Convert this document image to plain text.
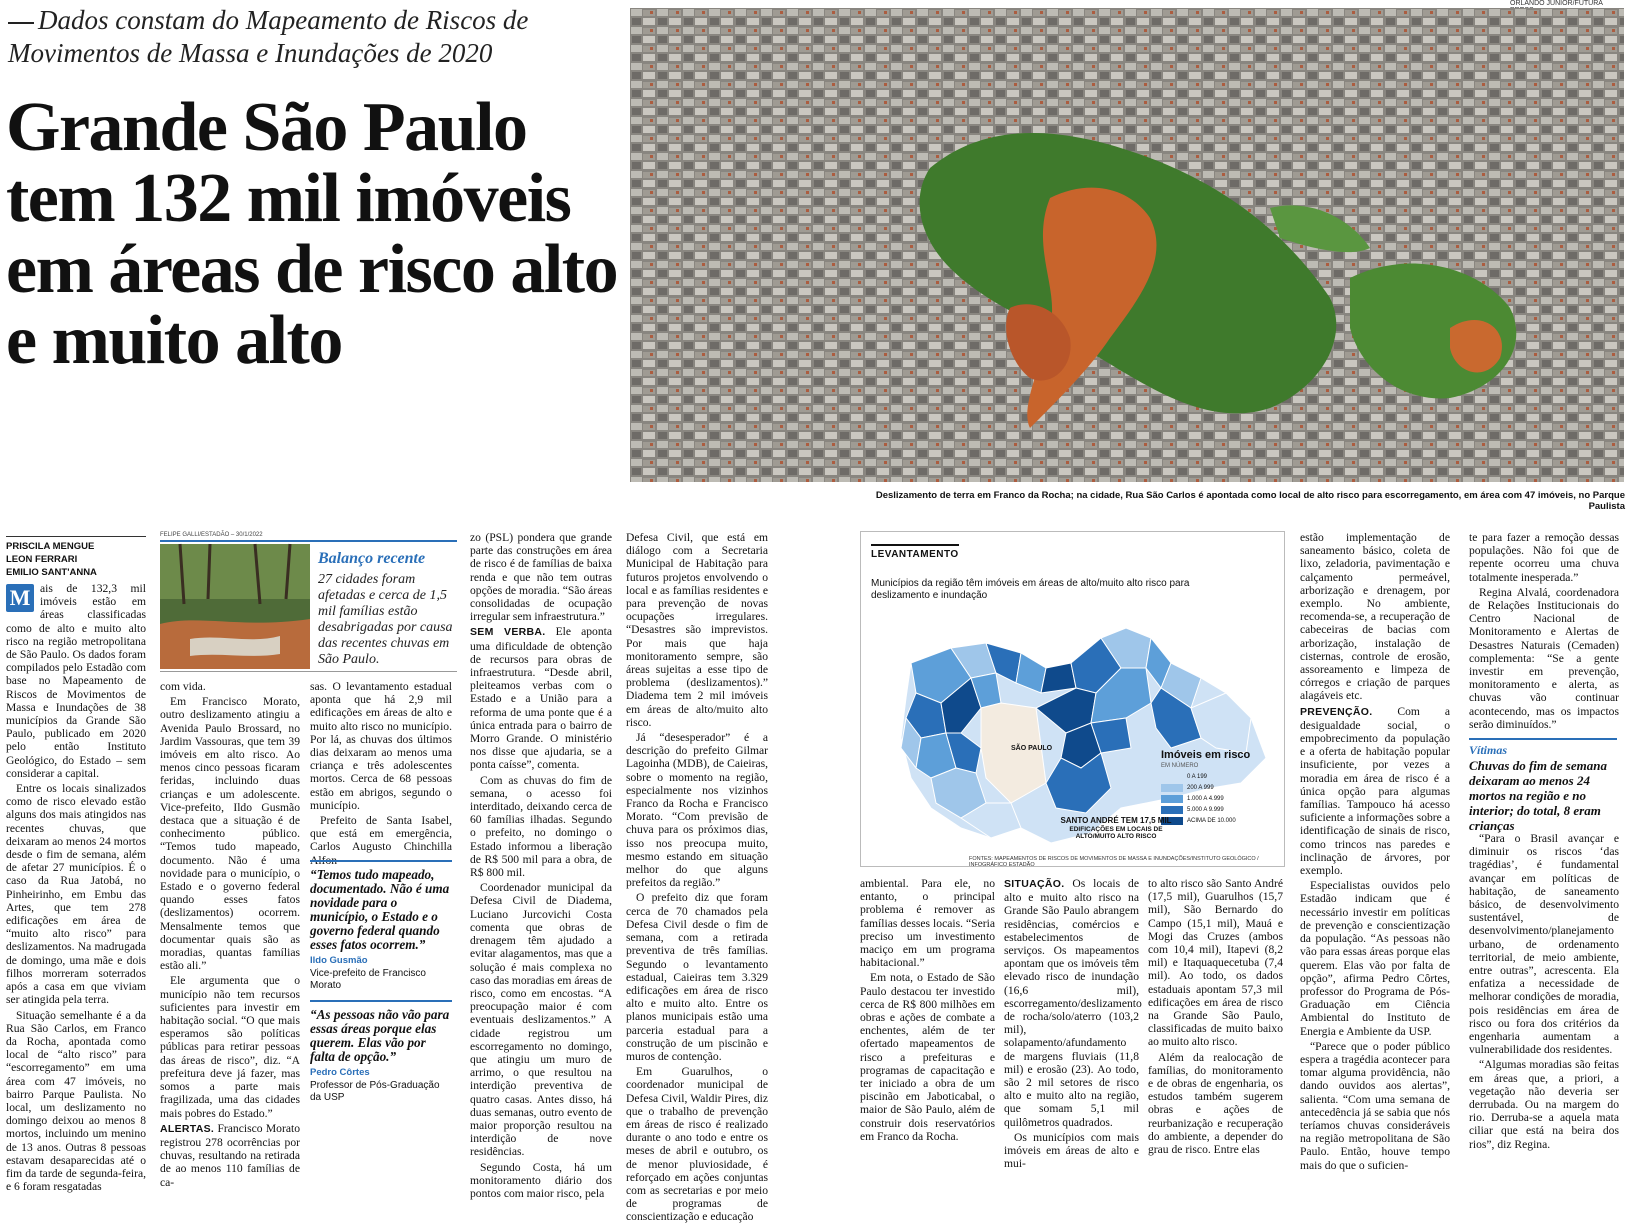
Dados constam do Mapeamento de Riscos de Movimentos de Massa e Inundações de 2020
Grande São Paulo tem 132 mil imóveis em áreas de risco alto e muito alto
ORLANDO JUNIOR/FUTURA
Deslizamento de terra em Franco da Rocha; na cidade, Rua São Carlos é apontada como local de alto risco para escorregamento, em área com 47 imóveis, no Parque Paulista
PRISCILA MENGUE
LEON FERRARI
EMILIO SANT'ANNA

M ais de 132,3 mil imóveis estão em áreas classificadas como de alto e muito alto risco na região metropolitana de São Paulo. Os dados foram compilados pelo Estadão com base no Mapeamento de Riscos de Movimentos de Massa e Inundações de 38 municípios da Grande São Paulo, publicado em 2020 pelo então Instituto Geológico, do Estado – sem considerar a capital.

Entre os locais sinalizados como de risco elevado estão alguns dos mais atingidos nas recentes chuvas, que deixaram ao menos 24 mortos desde o fim de semana, além de afetar 27 municípios. É o caso da Rua Jatobá, no Pinheirinho, em Embu das Artes, que tem 278 edificações em área de “muito alto risco” para deslizamentos. Na madrugada de domingo, uma mãe e dois filhos morreram soterrados após a casa em que viviam ser atingida pela terra.

Situação semelhante é a da Rua São Carlos, em Franco da Rocha, apontada como local de “alto risco” para “escorregamento” em uma área com 47 imóveis, no bairro Parque Paulista. No local, um deslizamento no domingo deixou ao menos 8 mortos, incluindo um menino de 13 anos. Outras 8 pessoas estavam desaparecidas até o fim da tarde de segunda-feira, e 6 foram resgatadas

FELIPE GALLI/ESTADÃO – 30/1/2022
Balanço recente
27 cidades foram afetadas e cerca de 1,5 mil famílias estão desabrigadas por causa das recentes chuvas em São Paulo.

com vida.

Em Francisco Morato, outro deslizamento atingiu a Avenida Paulo Brossard, no Jardim Vassouras, que tem 39 imóveis em alto risco. Ao menos cinco pessoas ficaram feridas, incluindo duas crianças e um adolescente. Vice-prefeito, Ildo Gusmão destaca que a situação é de conhecimento público. “Temos tudo mapeado, documento. Não é uma novidade para o município, o Estado e o governo federal quando esses fatos (deslizamentos) ocorrem. Mensalmente temos que documentar quais são as moradias, quantas famílias estão ali.”

Ele argumenta que o município não tem recursos suficientes para investir em habitação social. “O que mais esperamos são políticas públicas para retirar pessoas das áreas de risco”, diz. “A prefeitura deve já fazer, mas somos a parte mais fragilizada, uma das cidades mais pobres do Estado.”

ALERTAS. Francisco Morato registrou 278 ocorrências por chuvas, resultando na retirada de ao menos 110 famílias de ca-

sas. O levantamento estadual aponta que há 2,9 mil edificações em áreas de alto e muito alto risco no município. Por lá, as chuvas dos últimos dias deixaram ao menos uma criança e três adolescentes mortos. Cerca de 68 pessoas estão em abrigos, segundo o município.

Prefeito de Santa Isabel, que está em emergência, Carlos Augusto Chinchilla Alfon-

“Temos tudo mapeado, documentado. Não é uma novidade para o município, o Estado e o governo federal quando esses fatos ocorrem.”
Ildo Gusmão
Vice-prefeito de Francisco Morato
“As pessoas não vão para essas áreas porque elas querem. Elas vão por falta de opção.”
Pedro Côrtes
Professor de Pós-Graduação da USP

zo (PSL) pondera que grande parte das construções em área de risco é de famílias de baixa renda e que não tem outras opções de moradia. “São áreas consolidadas de ocupação irregular sem infraestrutura.”

SEM VERBA. Ele aponta uma dificuldade de obtenção de recursos para obras de infraestrutura. “Desde abril, pleiteamos verbas com o Estado e a União para a reforma de uma ponte que é a única entrada para o bairro de Morro Grande. O ministério nos disse que ajudaria, se a ponta caísse”, comenta.

Com as chuvas do fim de semana, o acesso foi interditado, deixando cerca de 60 famílias ilhadas. Segundo o prefeito, no domingo o Estado informou a liberação de R$ 500 mil para a obra, de R$ 800 mil.

Coordenador municipal da Defesa Civil de Diadema, Luciano Jurcovichi Costa comenta que obras de drenagem têm ajudado a evitar alagamentos, mas que a solução é mais complexa no caso das moradias em áreas de risco, como em encostas. “A preocupação maior é com eventuais deslizamentos.” A cidade registrou um escorregamento no domingo, que atingiu um muro de arrimo, o que resultou na interdição preventiva de quatro casas. Antes disso, há duas semanas, outro evento de maior proporção resultou na interdição de nove residências.

Segundo Costa, há um monitoramento diário dos pontos com maior risco, pela

Defesa Civil, que está em diálogo com a Secretaria Municipal de Habitação para futuros projetos envolvendo o local e as famílias residentes e para prevenção de novas ocupações irregulares. “Desastres são imprevistos. Por mais que haja monitoramento sempre, são áreas sujeitas a esse tipo de problema (deslizamentos).” Diadema tem 2 mil imóveis em áreas de alto/muito alto risco.

Já “desesperador” é a descrição do prefeito Gilmar Lagoinha (MDB), de Caieiras, sobre o momento na região, especialmente nos vizinhos Franco da Rocha e Francisco Morato. “Com previsão de chuva para os próximos dias, isso nos preocupa muito, mesmo estando em situação melhor do que alguns prefeitos da região.”

O prefeito diz que foram cerca de 70 chamados pela Defesa Civil desde o fim de semana, com a retirada preventiva de três famílias. Segundo o levantamento estadual, Caieiras tem 3.329 edificações em área de risco alto e muito alto. Entre os planos municipais estão uma parceria estadual para a construção de um piscinão e muros de contenção.

Em Guarulhos, o coordenador municipal de Defesa Civil, Waldir Pires, diz que o trabalho de prevenção em áreas de risco é realizado durante o ano todo e entre os meses de abril e outubro, os de menor pluviosidade, é reforçado em ações conjuntas com as secretarias e por meio de programas de conscientização e educação

LEVANTAMENTO
Municípios da região têm imóveis em áreas de alto/muito alto risco para deslizamento e inundação
SÃO PAULO
Imóveis em risco
EM NÚMERO
0 A 199
200 A 999
1.000 A 4.999
5.000 A 9.999
ACIMA DE 10.000
SANTO ANDRÉ TEM 17,5 MIL
EDIFICAÇÕES EM LOCAIS DE ALTO/MUITO ALTO RISCO
FONTES: MAPEAMENTOS DE RISCOS DE MOVIMENTOS DE MASSA E INUNDAÇÕES/INSTITUTO GEOLÓGICO / INFOGRÁFICO ESTADÃO

ambiental. Para ele, no entanto, o principal problema é remover as famílias desses locais. “Seria preciso um investimento maciço em um programa habitacional.”

Em nota, o Estado de São Paulo destacou ter investido cerca de R$ 800 milhões em obras e ações de combate a enchentes, além de ter ofertado mapeamentos de risco a prefeituras e programas de capacitação e ter iniciado a obra de um piscinão em Jaboticabal, o maior de São Paulo, além de construir dois reservatórios em Franco da Rocha.

SITUAÇÃO. Os locais de alto e muito alto risco na Grande São Paulo abrangem residências, comércios e estabelecimentos de serviços. Os mapeamentos apontam que os imóveis têm elevado risco de inundação (16,6 mil), escorregamento/deslizamento de rocha/solo/aterro (103,2 mil), solapamento/afundamento de margens fluviais (11,8 mil) e erosão (23). Ao todo, são 2 mil setores de risco alto e muito alto na região, que somam 5,1 mil quilômetros quadrados.

Os municípios com mais imóveis em áreas de alto e mui-

to alto risco são Santo André (17,5 mil), Guarulhos (15,7 mil), São Bernardo do Campo (15,1 mil), Mauá e Mogi das Cruzes (ambos com 10,4 mil), Itapevi (8,2 mil) e Itaquaquecetuba (7,4 mil). Ao todo, os dados estaduais apontam 57,3 mil edificações em área de risco na Grande São Paulo, classificadas de muito baixo ao muito alto risco.

Além da realocação de famílias, do monitoramento e de obras de engenharia, os estudos também sugerem obras e ações de reurbanização e recuperação do ambiente, a depender do grau de risco. Entre elas

estão implementação de saneamento básico, coleta de lixo, zeladoria, pavimentação e calçamento permeável, arborização e drenagem, por exemplo. No ambiente, recomenda-se, a recuperação de cabeceiras de bacias com arborização, instalação de cisternas, controle de erosão, assoreamento e limpeza de córregos e criação de parques alagáveis etc.

PREVENÇÃO. Com a desigualdade social, o empobrecimento da população e a oferta de habitação popular insuficiente, por vezes a moradia em área de risco é a única opção para algumas famílias. Tampouco há acesso suficiente a informações sobre a identificação de sinais de risco, como trincos nas paredes e inclinação de árvores, por exemplo.

Especialistas ouvidos pelo Estadão indicam que é necessário investir em políticas de prevenção e conscientização da população. “As pessoas não vão para essas áreas porque elas querem. Elas vão por falta de opção”, afirma Pedro Côrtes, professor do Programa de Pós-Graduação em Ciência Ambiental do Instituto de Energia e Ambiente da USP.

“Parece que o poder público espera a tragédia acontecer para tomar alguma providência, não dando ouvidos aos alertas”, salienta. “Com uma semana de antecedência já se sabia que nós teríamos chuvas consideráveis na região metropolitana de São Paulo. Então, houve tempo mais do que o suficien-

te para fazer a remoção dessas populações. Não foi que de repente ocorreu uma chuva totalmente inesperada.”

Regina Alvalá, coordenadora de Relações Institucionais do Centro Nacional de Monitoramento e Alertas de Desastres Naturais (Cemaden) complementa: “Se a gente investir em prevenção, monitoramento e alerta, as chuvas vão continuar acontecendo, mas os impactos serão diminuídos.”

Vítimas
Chuvas do fim de semana deixaram ao menos 24 mortos na região e no interior; do total, 8 eram crianças

“Para o Brasil avançar e diminuir os riscos ‘das tragédias’, é fundamental avançar em políticas de habitação, de saneamento básico, de desenvolvimento sustentável, de desenvolvimento/planejamento urbano, de ordenamento territorial, de meio ambiente, entre outras”, acrescenta. Ela enfatiza a necessidade de melhorar condições de moradia, pois residências em área de risco ou fora dos critérios da engenharia aumentam a vulnerabilidade dos residentes.

“Algumas moradias são feitas em áreas que, a priori, a vegetação não deveria ser derrubada. Ou na margem do rio. Derruba-se a aquela mata ciliar que está na beira dos rios”, diz Regina.
